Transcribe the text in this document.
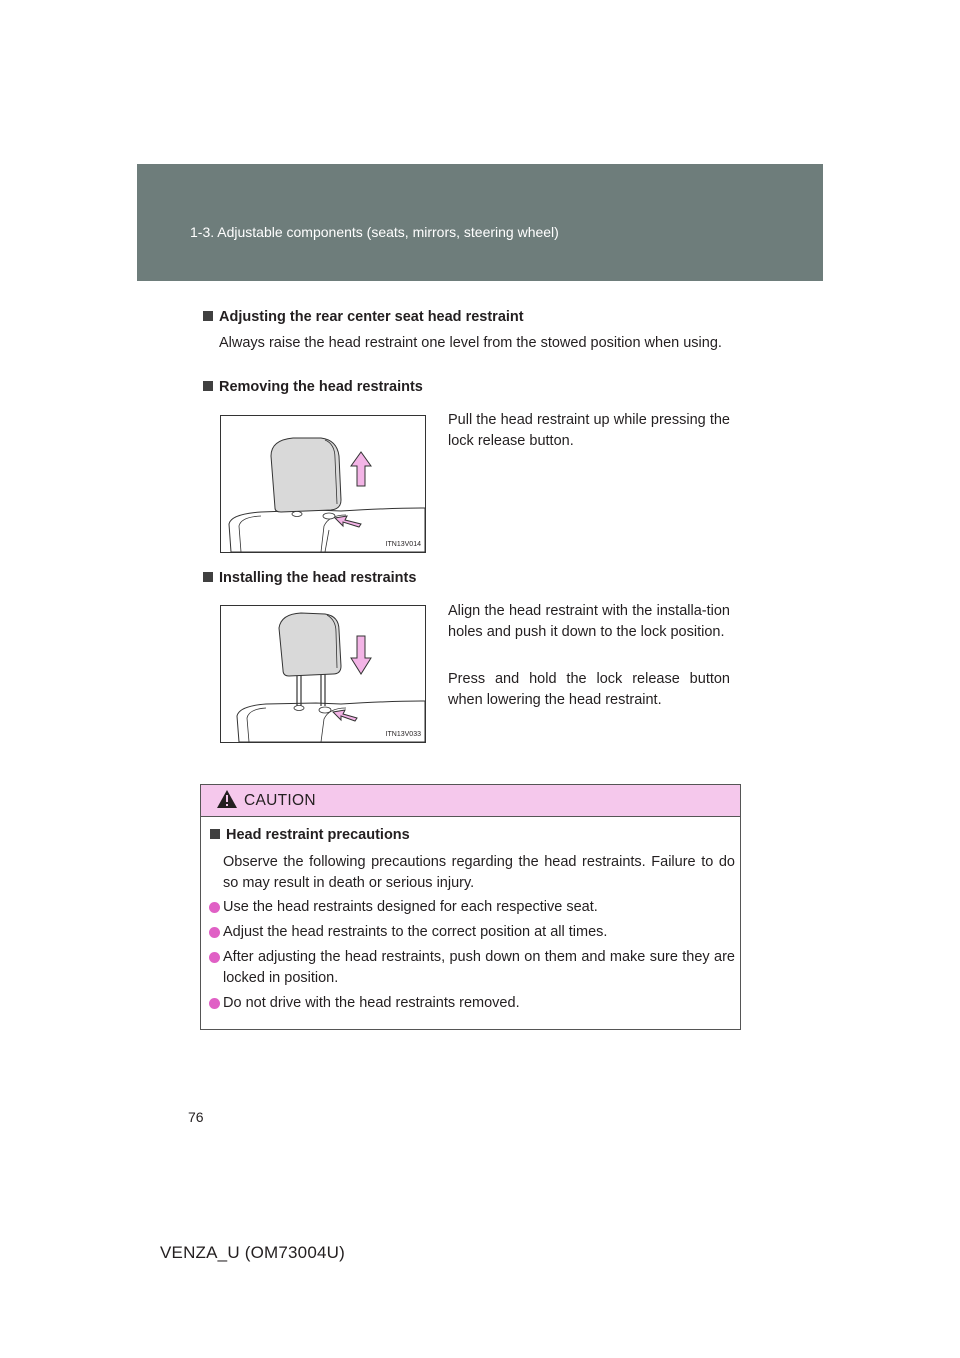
1-3. Adjustable components (seats, mirrors, steering wheel)
Adjusting the rear center seat head restraint
Always raise the head restraint one level from the stowed position when using.
Removing the head restraints
ITN13V014
Pull the head restraint up while pressing the lock release button.
Installing the head restraints
ITN13V033
Align the head restraint with the installa-tion holes and push it down to the lock position.
Press and hold the lock release button when lowering the head restraint.
CAUTION
Head restraint precautions
Observe the following precautions regarding the head restraints. Failure to do so may result in death or serious injury.
Use the head restraints designed for each respective seat.
Adjust the head restraints to the correct position at all times.
After adjusting the head restraints, push down on them and make sure they are locked in position.
Do not drive with the head restraints removed.
76
VENZA_U (OM73004U)
